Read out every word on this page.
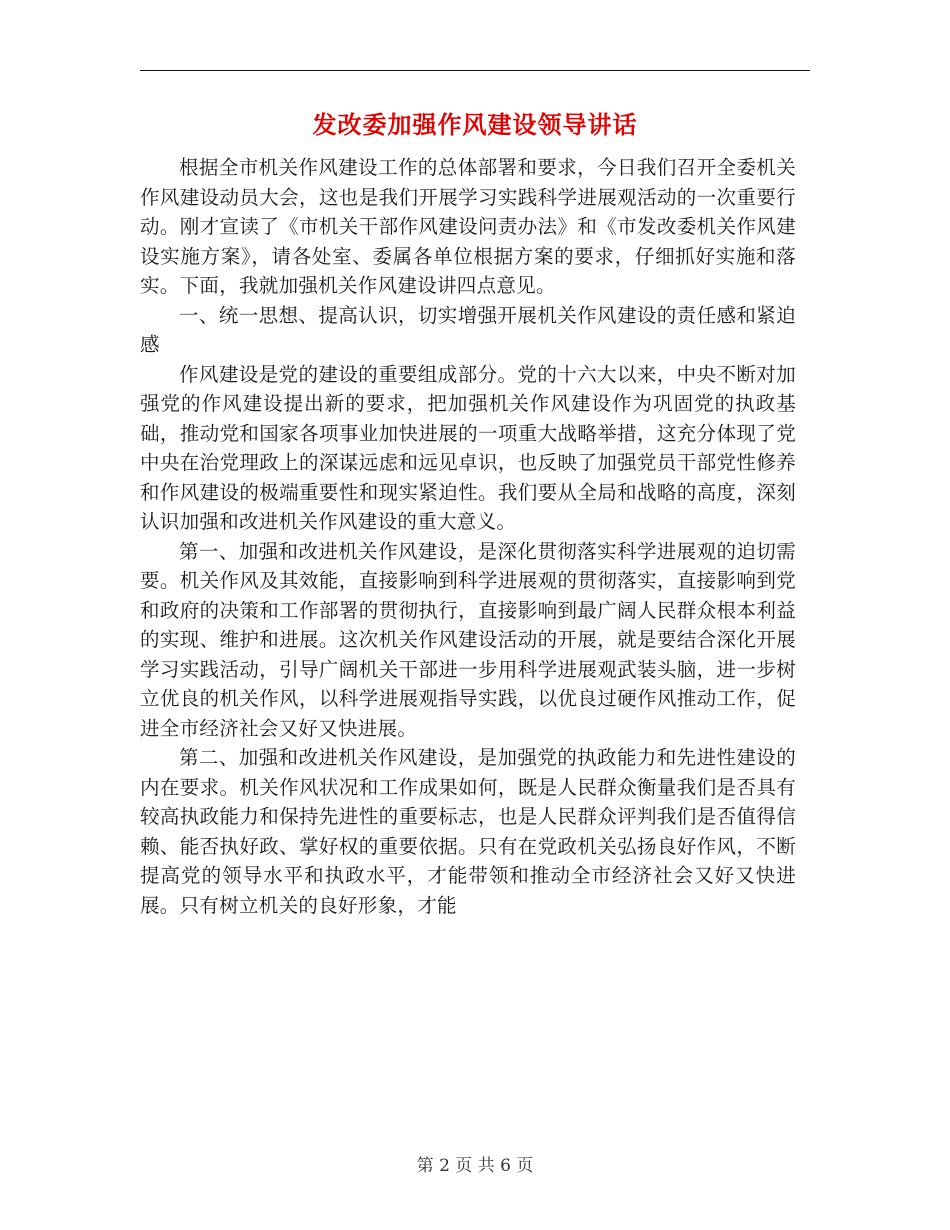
发改委加强作风建设领导讲话

根据全市机关作风建设工作的总体部署和要求，今日我们召开全委机关作风建设动员大会，这也是我们开展学习实践科学进展观活动的一次重要行动。刚才宣读了《市机关干部作风建设问责办法》和《市发改委机关作风建设实施方案》，请各处室、委属各单位根据方案的要求，仔细抓好实施和落实。下面，我就加强机关作风建设讲四点意见。

一、统一思想、提高认识，切实增强开展机关作风建设的责任感和紧迫感

作风建设是党的建设的重要组成部分。党的十六大以来，中央不断对加强党的作风建设提出新的要求，把加强机关作风建设作为巩固党的执政基础，推动党和国家各项事业加快进展的一项重大战略举措，这充分体现了党中央在治党理政上的深谋远虑和远见卓识，也反映了加强党员干部党性修养和作风建设的极端重要性和现实紧迫性。我们要从全局和战略的高度，深刻认识加强和改进机关作风建设的重大意义。

第一、加强和改进机关作风建设，是深化贯彻落实科学进展观的迫切需要。机关作风及其效能，直接影响到科学进展观的贯彻落实，直接影响到党和政府的决策和工作部署的贯彻执行，直接影响到最广阔人民群众根本利益的实现、维护和进展。这次机关作风建设活动的开展，就是要结合深化开展学习实践活动，引导广阔机关干部进一步用科学进展观武装头脑，进一步树立优良的机关作风，以科学进展观指导实践，以优良过硬作风推动工作，促进全市经济社会又好又快进展。

第二、加强和改进机关作风建设，是加强党的执政能力和先进性建设的内在要求。机关作风状况和工作成果如何，既是人民群众衡量我们是否具有较高执政能力和保持先进性的重要标志，也是人民群众评判我们是否值得信赖、能否执好政、掌好权的重要依据。只有在党政机关弘扬良好作风，不断提高党的领导水平和执政水平，才能带领和推动全市经济社会又好又快进展。只有树立机关的良好形象，才能

第 2 页 共 6 页
